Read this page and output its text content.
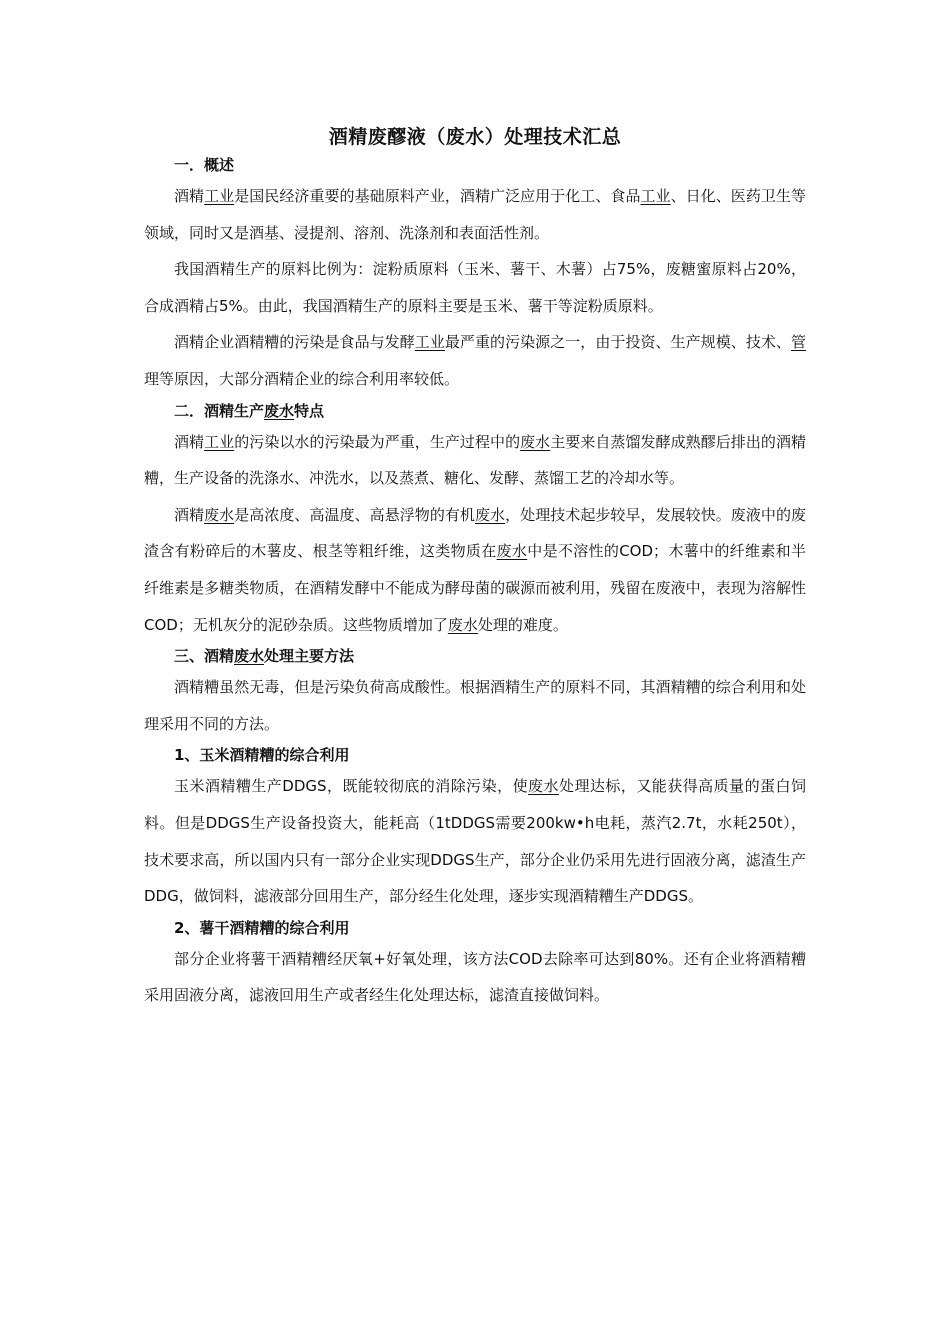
酒精废醪液（废水）处理技术汇总
一．概述

酒精工业是国民经济重要的基础原料产业，酒精广泛应用于化工、食品工业、日化、医药卫生等领域，同时又是酒基、浸提剂、溶剂、洗涤剂和表面活性剂。

我国酒精生产的原料比例为：淀粉质原料（玉米、薯干、木薯）占75%，废糖蜜原料占20%，合成酒精占5%。由此，我国酒精生产的原料主要是玉米、薯干等淀粉质原料。

酒精企业酒精糟的污染是食品与发酵工业最严重的污染源之一，由于投资、生产规模、技术、管理等原因，大部分酒精企业的综合利用率较低。

二．酒精生产废水特点

酒精工业的污染以水的污染最为严重，生产过程中的废水主要来自蒸馏发酵成熟醪后排出的酒精糟，生产设备的洗涤水、冲洗水，以及蒸煮、糖化、发酵、蒸馏工艺的冷却水等。

酒精废水是高浓度、高温度、高悬浮物的有机废水，处理技术起步较早，发展较快。废液中的废渣含有粉碎后的木薯皮、根茎等粗纤维，这类物质在废水中是不溶性的COD；木薯中的纤维素和半纤维素是多糖类物质，在酒精发酵中不能成为酵母菌的碳源而被利用，残留在废液中，表现为溶解性COD；无机灰分的泥砂杂质。这些物质增加了废水处理的难度。

三、酒精废水处理主要方法

酒精糟虽然无毒，但是污染负荷高成酸性。根据酒精生产的原料不同，其酒精糟的综合利用和处理采用不同的方法。

1、玉米酒精糟的综合利用

玉米酒精糟生产DDGS，既能较彻底的消除污染，使废水处理达标，又能获得高质量的蛋白饲料。但是DDGS生产设备投资大，能耗高（1tDDGS需要200kw•h电耗，蒸汽2.7t，水耗250t），技术要求高，所以国内只有一部分企业实现DDGS生产，部分企业仍采用先进行固液分离，滤渣生产DDG，做饲料，滤液部分回用生产，部分经生化处理，逐步实现酒精糟生产DDGS。

2、薯干酒精糟的综合利用

部分企业将薯干酒精糟经厌氧+好氧处理，该方法COD去除率可达到80%。还有企业将酒精糟采用固液分离，滤液回用生产或者经生化处理达标，滤渣直接做饲料。
